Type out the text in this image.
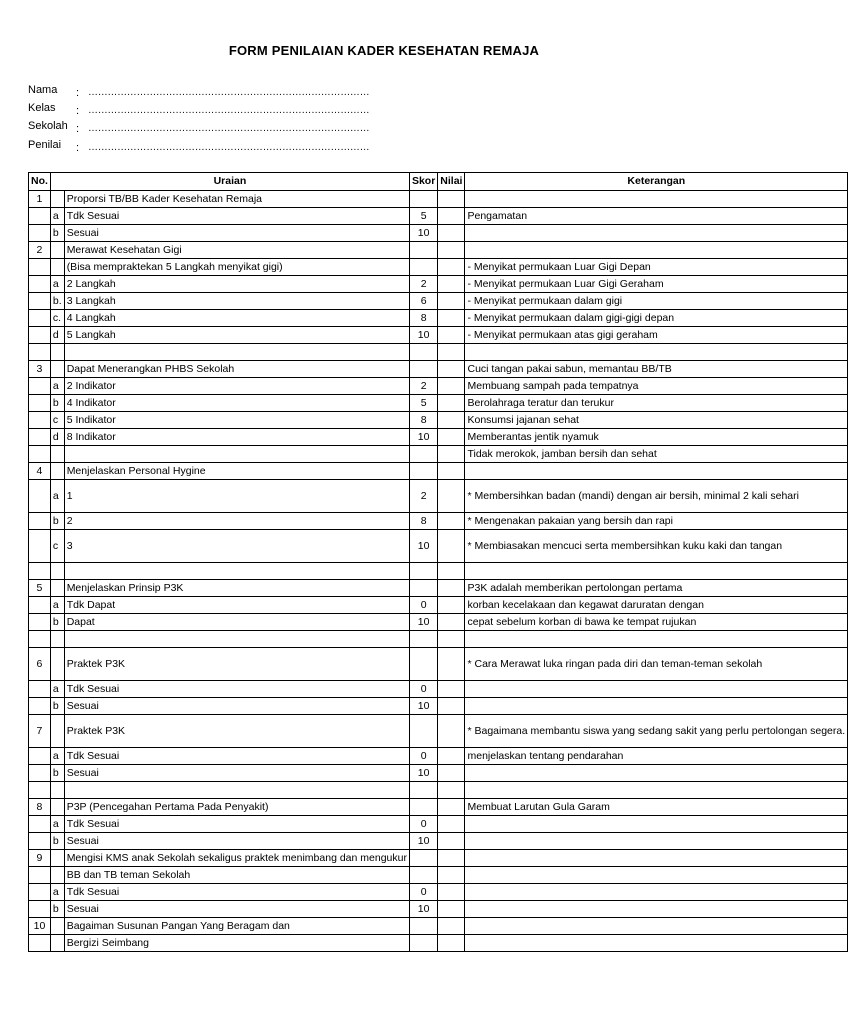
FORM PENILAIAN KADER KESEHATAN REMAJA
Nama : ……………………………………………………………………………
Kelas : ……………………………………………………………………………
Sekolah : ……………………………………………………………………………
Penilai : ……………………………………………………………………………
No.	Uraian		Skor	Nilai	Keterangan
1		Proporsi TB/BB Kader Kesehatan Remaja			
	a	Tdk Sesuai	5		Pengamatan
	b	Sesuai	10		
2		Merawat Kesehatan Gigi			
		(Bisa mempraktekan 5 Langkah menyikat gigi)			- Menyikat permukaan Luar Gigi Depan
	a	2 Langkah	2		- Menyikat permukaan Luar Gigi Geraham
	b.	3 Langkah	6		- Menyikat permukaan dalam gigi
	c.	4 Langkah	8		- Menyikat permukaan dalam gigi-gigi depan
	d	5 Langkah	10		- Menyikat permukaan atas gigi geraham

3		Dapat Menerangkan PHBS Sekolah			Cuci tangan pakai sabun, memantau BB/TB
	a	2 Indikator	2		Membuang sampah pada tempatnya
	b	4 Indikator	5		Berolahraga teratur dan terukur
	c	5 Indikator	8		Konsumsi jajanan sehat
	d	8 Indikator	10		Memberantas jentik nyamuk
					Tidak merokok, jamban bersih dan sehat
4		Menjelaskan Personal Hygine			
	a	1	2		* Membersihkan badan (mandi) dengan air bersih, minimal 2 kali sehari
	b	2	8		* Mengenakan pakaian yang bersih dan rapi
	c	3	10		* Membiasakan mencuci serta membersihkan kuku kaki dan tangan

5		Menjelaskan Prinsip P3K			P3K adalah memberikan pertolongan pertama
	a	Tdk Dapat	0		korban kecelakaan dan kegawat daruratan dengan
	b	Dapat	10		cepat sebelum korban di bawa ke tempat rujukan

6		Praktek P3K			* Cara Merawat luka ringan pada diri dan teman-teman sekolah
	a	Tdk Sesuai	0		
	b	Sesuai	10		
7		Praktek P3K			* Bagaimana membantu siswa yang sedang sakit yang perlu pertolongan segera.
	a	Tdk Sesuai	0		menjelaskan tentang pendarahan
	b	Sesuai	10		

8		P3P (Pencegahan Pertama Pada Penyakit)			Membuat Larutan Gula Garam
	a	Tdk Sesuai	0		
	b	Sesuai	10		
9		Mengisi KMS anak Sekolah sekaligus praktek menimbang dan mengukur			
		BB dan TB teman Sekolah			
	a	Tdk Sesuai	0		
	b	Sesuai	10		
10		Bagaiman Susunan Pangan Yang Beragam dan			
		Bergizi Seimbang			
